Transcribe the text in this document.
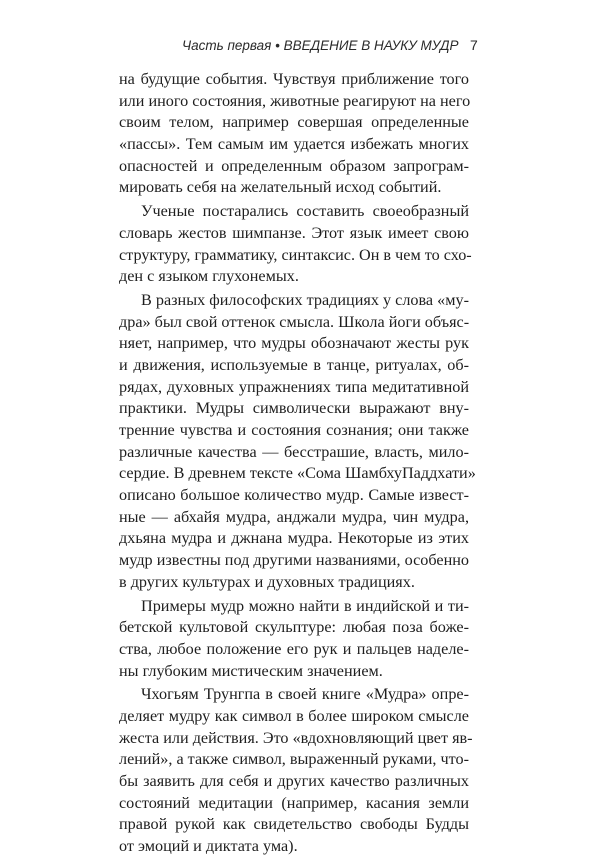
Часть первая • ВВЕДЕНИЕ В НАУКУ МУДР 7
на будущие события. Чувствуя приближение того
или иного состояния, животные реагируют на него
своим телом, например совершая определенные
«пассы». Тем самым им удается избежать многих
опасностей и определенным образом запрограм-
мировать себя на желательный исход событий.
Ученые постарались составить своеобразный
словарь жестов шимпанзе. Этот язык имеет свою
структуру, грамматику, синтаксис. Он в чем то схо-
ден с языком глухонемых.
В разных философских традициях у слова «му-
дра» был свой оттенок смысла. Школа йоги объяс-
няет, например, что мудры обозначают жесты рук
и движения, используемые в танце, ритуалах, об-
рядах, духовных упражнениях типа медитативной
практики. Мудры символически выражают вну-
тренние чувства и состояния сознания; они также
различные качества — бесстрашие, власть, мило-
сердие. В древнем тексте «Сома ШамбхуПаддхати»
описано большое количество мудр. Самые извест-
ные — абхайя мудра, анджали мудра, чин мудра,
дхьяна мудра и джнана мудра. Некоторые из этих
мудр известны под другими названиями, особенно
в других культурах и духовных традициях.
Примеры мудр можно найти в индийской и ти-
бетской культовой скульптуре: любая поза боже-
ства, любое положение его рук и пальцев наделе-
ны глубоким мистическим значением.
Чхогьям Трунгпа в своей книге «Мудра» опре-
деляет мудру как символ в более широком смысле
жеста или действия. Это «вдохновляющий цвет яв-
лений», а также символ, выраженный руками, что-
бы заявить для себя и других качество различных
состояний медитации (например, касания земли
правой рукой как свидетельство свободы Будды
от эмоций и диктата ума).
